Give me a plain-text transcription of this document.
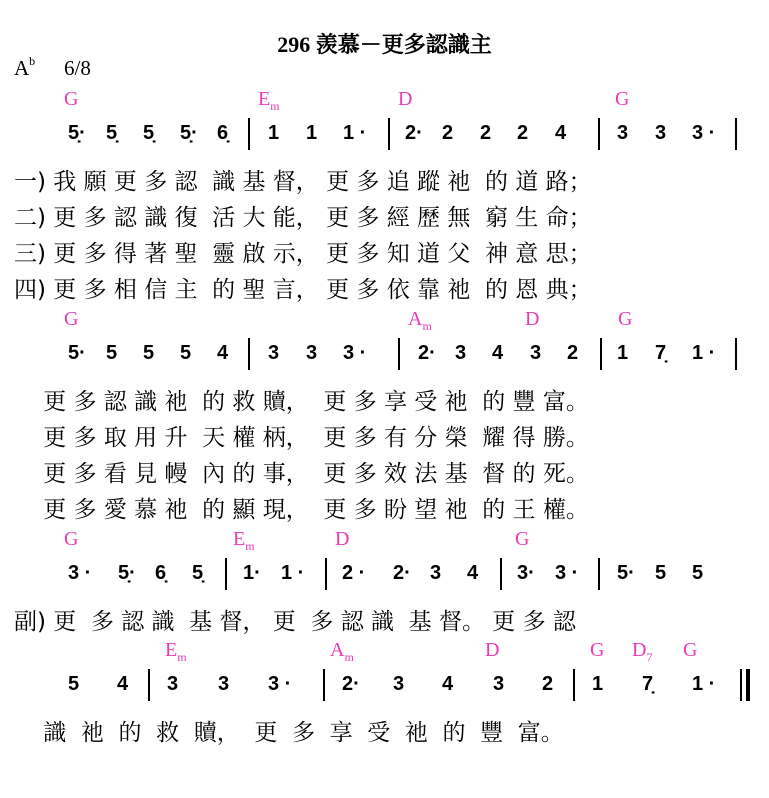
296 羡慕－更多認識主
$A^b$ 6/8
G	$E_m$	D	G
5̣· 5̣ 5̣ 5̣· 6̣ 1 1 1 · 2· 2 2 2 4	3 3 3 ·
一) 我 願 更 多 認  識 基 督， 更 多 追 蹤 祂  的 道 路；
二) 更 多 認 識 復  活 大 能， 更 多 經 歷 無  窮 生 命；
三) 更 多 得 著 聖  靈 啟 示， 更 多 知 道 父  神 意 思；
四) 更 多 相 信 主  的 聖 言， 更 多 依 靠 祂  的 恩 典；
G	$A_m$	D	G
5· 5 5 5 4 3 3 3 ·	2· 3 4 3 2 1 7̣ 1 ·
更 多 認 識 祂  的 救 贖，  更 多 享 受 祂  的 豐 富。
更 多 取 用 升  天 權 柄，  更 多 有 分 榮  耀 得 勝。
更 多 看 見 幔  內 的 事，  更 多 效 法 基  督 的 死。
更 多 愛 慕 祂  的 顯 現，  更 多 盼 望 祂  的 王 權。
G	$E_m$	D	G
3 · 5̣· 6̣ 5̣ 1· 1 · 2 · 2· 3 4 3· 3 · 5· 5 5
副) 更  多 認 識  基 督， 更  多 認 識  基 督。 更 多 認
$E_m$	$A_m$	D	G $D_7$ G
5 4 3 3 3 ·	2· 3 4 3 2 1 7̣ 1 ·
識  祂  的  救  贖，  更  多  享  受  祂  的  豐  富。
